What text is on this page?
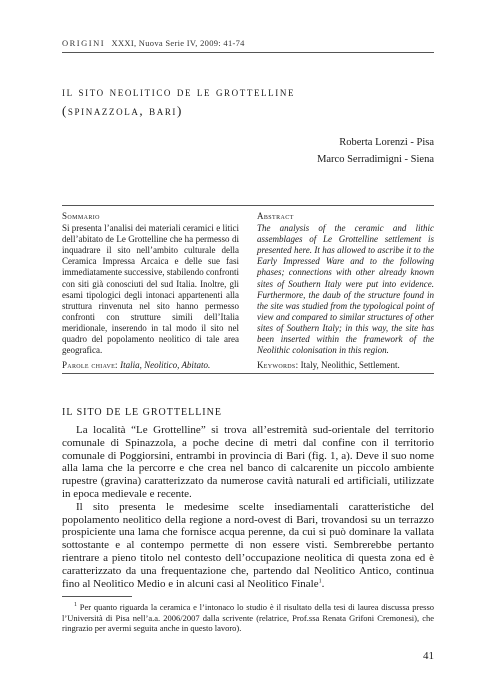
ORIGINI XXXI, Nuova Serie IV, 2009: 41-74
il sito neolitico de le grottelline
(spinazzola, bari)
Roberta Lorenzi - Pisa
Marco Serradimigni - Siena
Sommario
Si presenta l’analisi dei materiali ceramici e litici dell’abitato de Le Grottelline che ha permesso di inquadrare il sito nell’ambito culturale della Ceramica Impressa Arcaica e delle sue fasi immediatamente successive, stabilendo confronti con siti già conosciuti del sud Italia. Inoltre, gli esami tipologici degli intonaci appartenenti alla struttura rinvenuta nel sito hanno permesso confronti con strutture simili dell’Italia meridionale, inserendo in tal modo il sito nel quadro del popolamento neolitico di tale area geografica.
Parole chiave: Italia, Neolitico, Abitato.
Abstract
The analysis of the ceramic and lithic assemblages of Le Grottelline settlement is presented here. It has allowed to ascribe it to the Early Impressed Ware and to the following phases; connections with other already known sites of Southern Italy were put into evidence. Furthermore, the daub of the structure found in the site was studied from the typological point of view and compared to similar structures of other sites of Southern Italy; in this way, the site has been inserted within the framework of the Neolithic colonisation in this region.
Keywords: Italy, Neolithic, Settlement.
IL SITO DE LE GROTTELLINE

La località “Le Grottelline” si trova all’estremità sud-orientale del territorio comunale di Spinazzola, a poche decine di metri dal confine con il territorio comunale di Poggiorsini, entrambi in provincia di Bari (fig. 1, a). Deve il suo nome alla lama che la percorre e che crea nel banco di calcarenite un piccolo ambiente rupestre (gravina) caratterizzato da numerose cavità naturali ed artificiali, utilizzate in epoca medievale e recente.

Il sito presenta le medesime scelte insediamentali caratteristiche del popolamento neolitico della regione a nord-ovest di Bari, trovandosi su un terrazzo prospiciente una lama che fornisce acqua perenne, da cui si può dominare la vallata sottostante e al contempo permette di non essere visti. Sembrerebbe pertanto rientrare a pieno titolo nel contesto dell’occupazione neolitica di questa zona ed è caratterizzato da una frequentazione che, partendo dal Neolitico Antico, continua fino al Neolitico Medio e in alcuni casi al Neolitico Finale$^1$.

$^1$ Per quanto riguarda la ceramica e l’intonaco lo studio è il risultato della tesi di laurea discussa presso l’Università di Pisa nell’a.a. 2006/2007 dalla scrivente (relatrice, Prof.ssa Renata Grifoni Cremonesi), che ringrazio per avermi seguita anche in questo lavoro).
41
